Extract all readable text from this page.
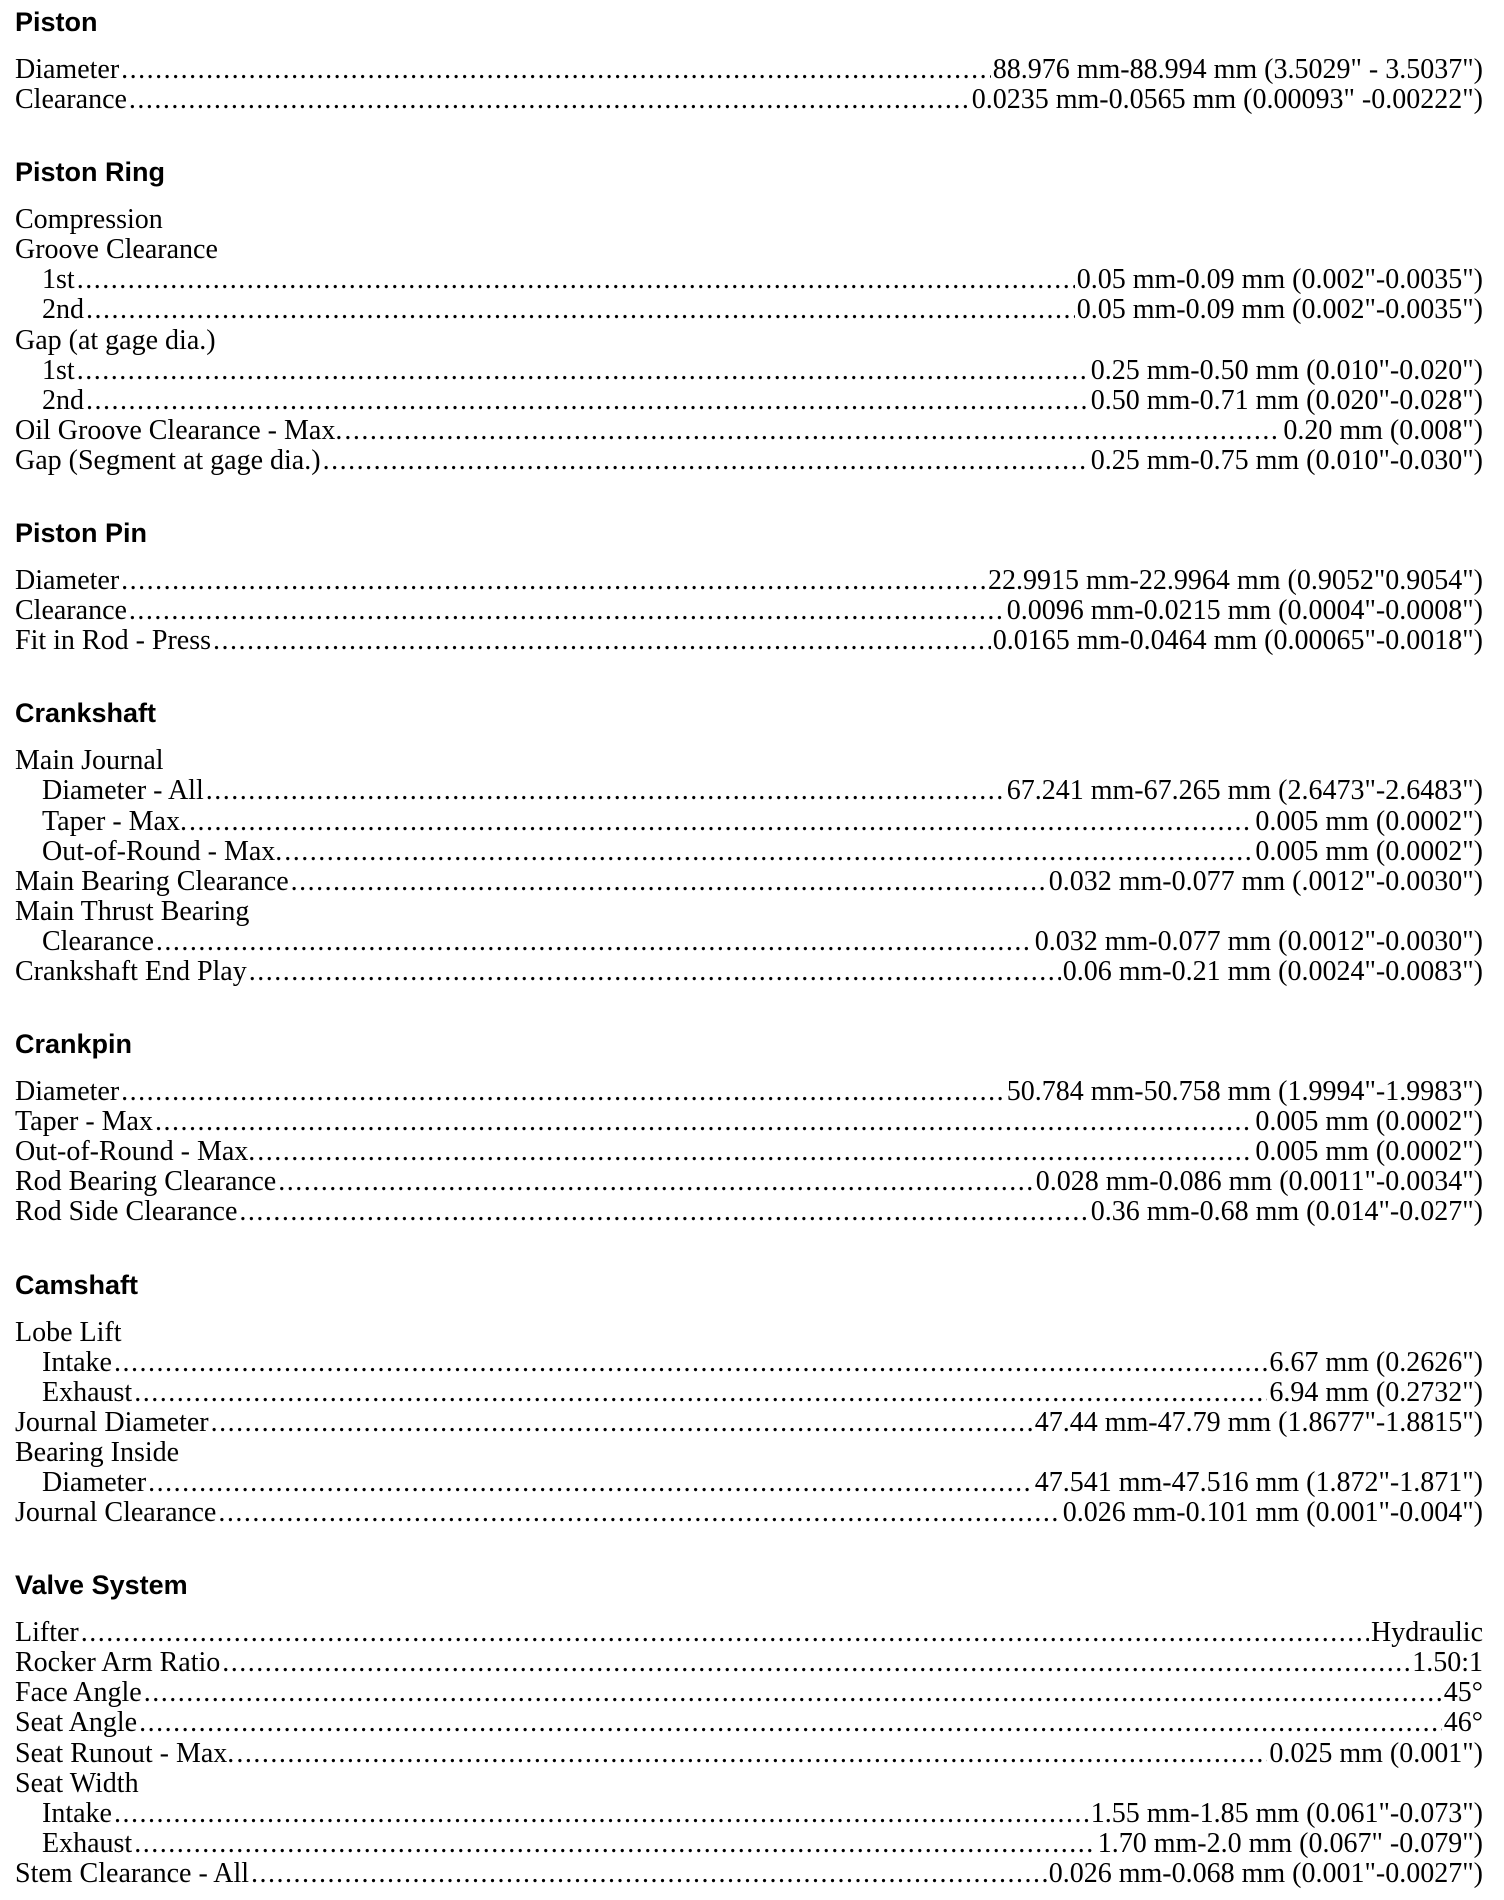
Piston
Diameter .....	88.976 mm-88.994 mm (3.5029" - 3.5037")
Clearance .....	0.0235 mm-0.0565 mm (0.00093" -0.00222")
Piston Ring
Compression
Groove Clearance
1st .....	0.05 mm-0.09 mm (0.002"-0.0035")
2nd .....	0.05 mm-0.09 mm (0.002"-0.0035")
Gap (at gage dia.)
1st .....	0.25 mm-0.50 mm (0.010"-0.020")
2nd .....	0.50 mm-0.71 mm (0.020"-0.028")
Oil Groove Clearance - Max. .....	0.20 mm (0.008")
Gap (Segment at gage dia.) .....	0.25 mm-0.75 mm (0.010"-0.030")
Piston Pin
Diameter .....	22.9915 mm-22.9964 mm (0.9052"0.9054")
Clearance .....	0.0096 mm-0.0215 mm (0.0004"-0.0008")
Fit in Rod - Press .....	0.0165 mm-0.0464 mm (0.00065"-0.0018")
Crankshaft
Main Journal
Diameter - All .....	67.241 mm-67.265 mm (2.6473"-2.6483")
Taper - Max. .....	0.005 mm (0.0002")
Out-of-Round - Max. .....	0.005 mm (0.0002")
Main Bearing Clearance .....	0.032 mm-0.077 mm (.0012"-0.0030")
Main Thrust Bearing
Clearance .....	0.032 mm-0.077 mm (0.0012"-0.0030")
Crankshaft End Play .....	0.06 mm-0.21 mm (0.0024"-0.0083")
Crankpin
Diameter .....	50.784 mm-50.758 mm (1.9994"-1.9983")
Taper - Max .....	0.005 mm (0.0002")
Out-of-Round - Max. .....	0.005 mm (0.0002")
Rod Bearing Clearance .....	0.028 mm-0.086 mm (0.0011"-0.0034")
Rod Side Clearance .....	0.36 mm-0.68 mm (0.014"-0.027")
Camshaft
Lobe Lift
Intake .....	6.67 mm (0.2626")
Exhaust .....	6.94 mm (0.2732")
Journal Diameter .....	47.44 mm-47.79 mm (1.8677"-1.8815")
Bearing Inside
Diameter .....	47.541 mm-47.516 mm (1.872"-1.871")
Journal Clearance .....	0.026 mm-0.101 mm (0.001"-0.004")
Valve System
Lifter .....	Hydraulic
Rocker Arm Ratio .....	1.50:1
Face Angle .....	45°
Seat Angle .....	46°
Seat Runout - Max. .....	0.025 mm (0.001")
Seat Width
Intake .....	1.55 mm-1.85 mm (0.061"-0.073")
Exhaust .....	1.70 mm-2.0 mm (0.067" -0.079")
Stem Clearance - All .....	0.026 mm-0.068 mm (0.001"-0.0027")
